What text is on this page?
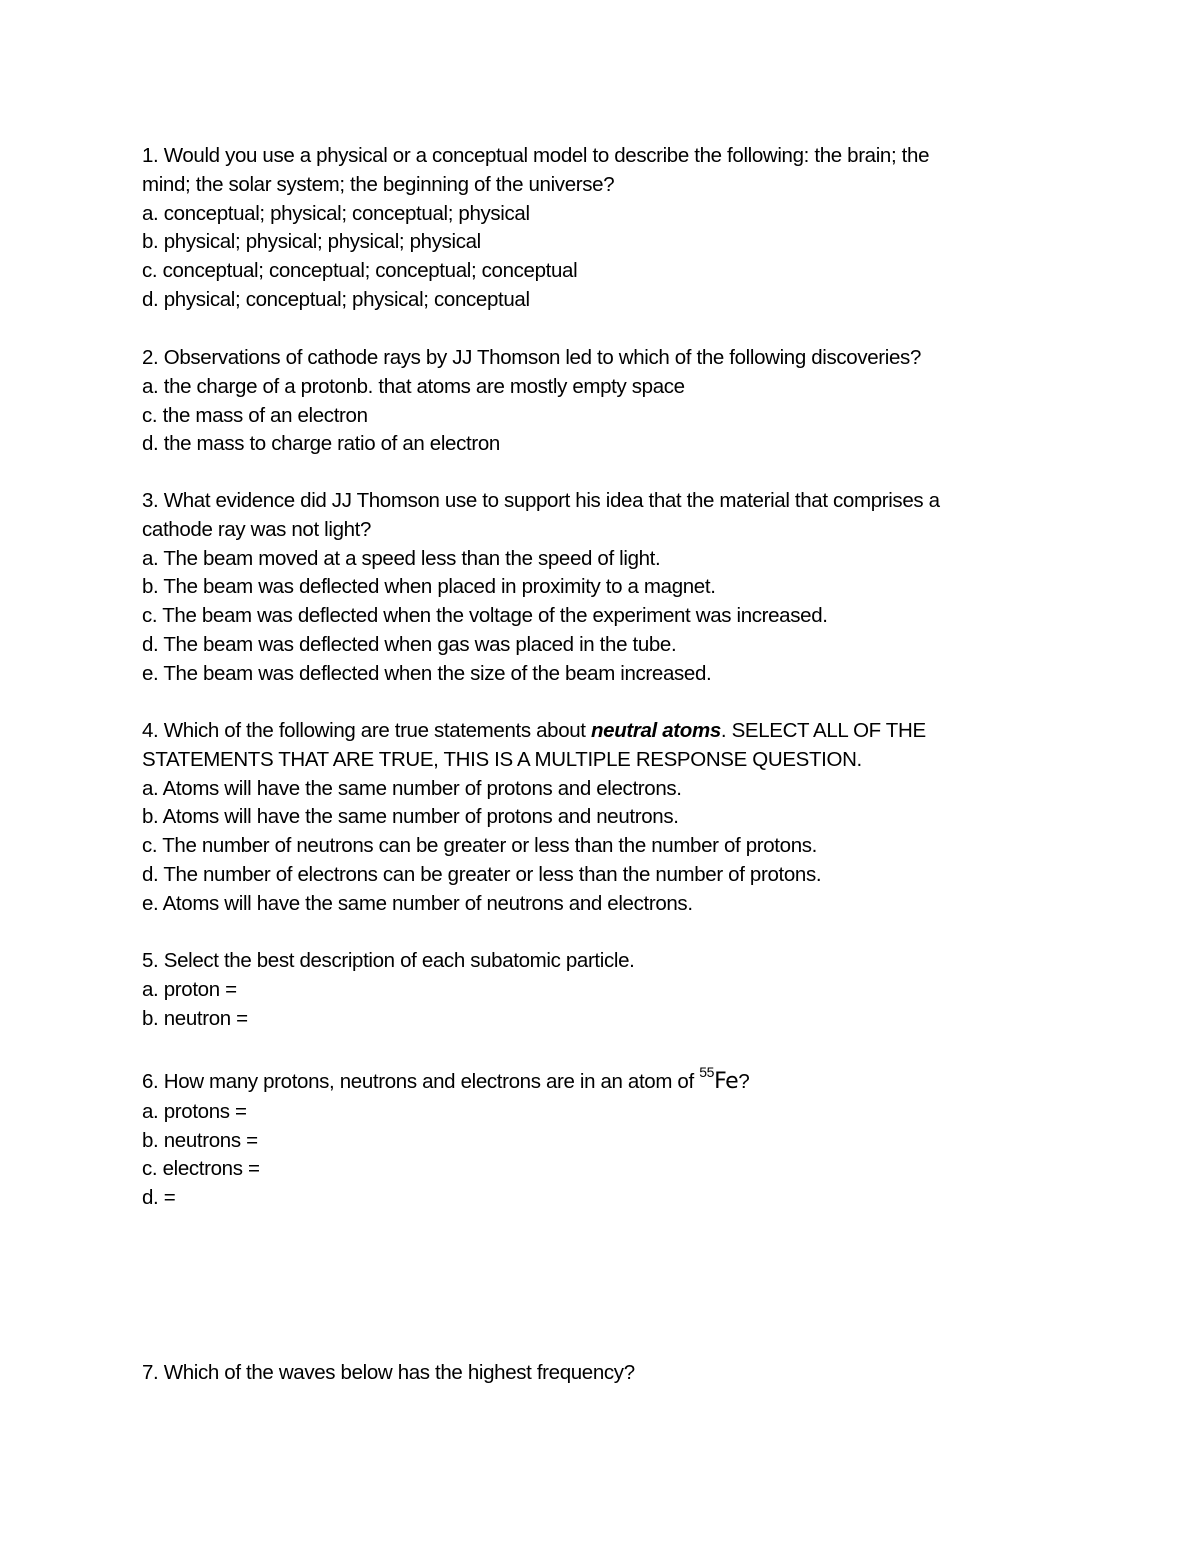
1. Would you use a physical or a conceptual model to describe the following: the brain; the
mind; the solar system; the beginning of the universe?
a. conceptual; physical; conceptual; physical
b. physical; physical; physical; physical
c. conceptual; conceptual; conceptual; conceptual
d. physical; conceptual; physical; conceptual
2. Observations of cathode rays by JJ Thomson led to which of the following discoveries?
a. the charge of a protonb. that atoms are mostly empty space
c. the mass of an electron
d. the mass to charge ratio of an electron
3. What evidence did JJ Thomson use to support his idea that the material that comprises a
cathode ray was not light?
a. The beam moved at a speed less than the speed of light.
b. The beam was deflected when placed in proximity to a magnet.
c. The beam was deflected when the voltage of the experiment was increased.
d. The beam was deflected when gas was placed in the tube.
e. The beam was deflected when the size of the beam increased.
4. Which of the following are true statements about neutral atoms. SELECT ALL OF THE
STATEMENTS THAT ARE TRUE, THIS IS A MULTIPLE RESPONSE QUESTION.
a. Atoms will have the same number of protons and electrons.
b. Atoms will have the same number of protons and neutrons.
c. The number of neutrons can be greater or less than the number of protons.
d. The number of electrons can be greater or less than the number of protons.
e. Atoms will have the same number of neutrons and electrons.
5. Select the best description of each subatomic particle.
a. proton =
b. neutron =
6. How many protons, neutrons and electrons are in an atom of $^{55}$Fe?
a. protons =
b. neutrons =
c. electrons =
d. =
7. Which of the waves below has the highest frequency?
